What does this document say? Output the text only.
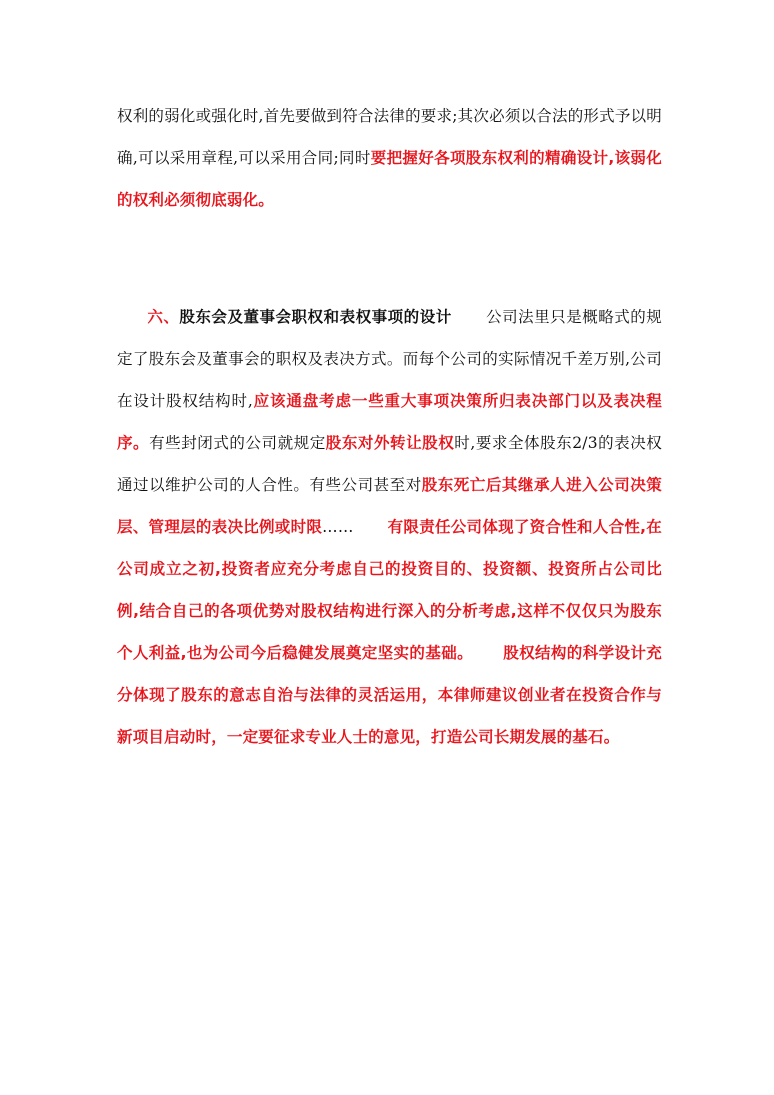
权利的弱化或强化时,首先要做到符合法律的要求;其次必须以合法的形式予以明确,可以采用章程,可以采用合同;同时要把握好各项股东权利的精确设计,该弱化的权利必须彻底弱化。

六、股东会及董事会职权和表权事项的设计 公司法里只是概略式的规定了股东会及董事会的职权及表决方式。而每个公司的实际情况千差万别,公司在设计股权结构时,应该通盘考虑一些重大事项决策所归表决部门以及表决程序。有些封闭式的公司就规定股东对外转让股权时,要求全体股东2/3的表决权通过以维护公司的人合性。有些公司甚至对股东死亡后其继承人进入公司决策层、管理层的表决比例或时限…… 有限责任公司体现了资合性和人合性,在公司成立之初,投资者应充分考虑自己的投资目的、投资额、投资所占公司比例,结合自己的各项优势对股权结构进行深入的分析考虑,这样不仅仅只为股东个人利益,也为公司今后稳健发展奠定坚实的基础。 股权结构的科学设计充分体现了股东的意志自治与法律的灵活运用，本律师建议创业者在投资合作与新项目启动时，一定要征求专业人士的意见，打造公司长期发展的基石。
